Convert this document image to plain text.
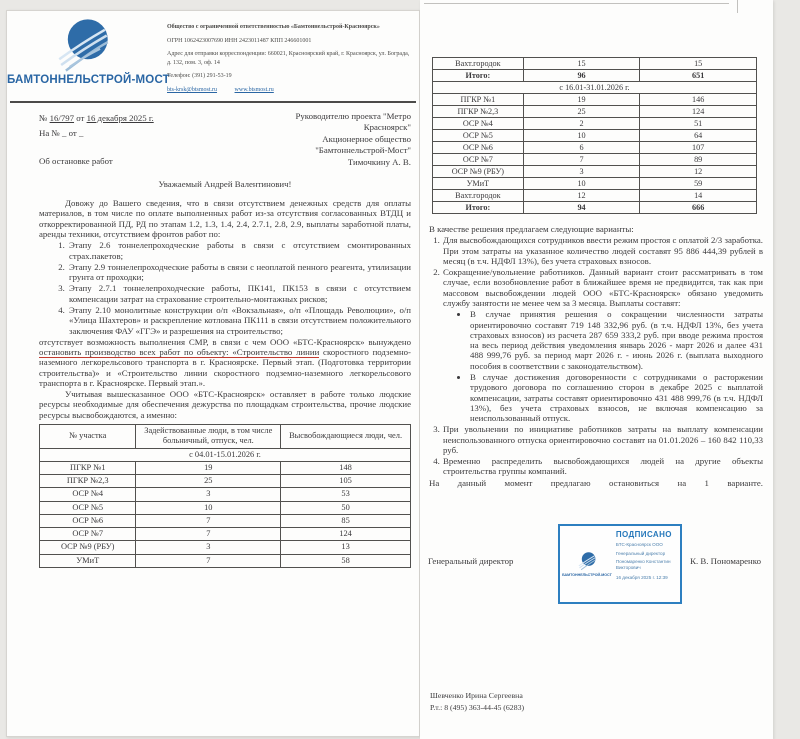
БАМТОННЕЛЬСТРОЙ-МОСТ
Общество с ограниченной ответственностью «Бамтоннельстрой-Красноярск»
ОГРН 1062423007690 ИНН 2423011487 КПП 246601001
Адрес для отправки корреспонденции: 660021, Красноярский край, г. Красноярск, ул. Бограда, д. 132, пом. 3, оф. 14
Телефон: (391) 291-53-19
bts-krsk@btsmost.ru	www.btsmost.ru
№ 16/797 от 16 декабря 2025 г.
На № _ от _
Об остановке работ
Руководителю проекта "Метро
Красноярск"
Акционерное общество
"Бамтоннельстрой-Мост"
Тимочкину А. В.
Уважаемый Андрей Валентинович!

Довожу до Вашего сведения, что в связи отсутствием денежных средств для оплаты материалов, в том числе по оплате выполненных работ из-за отсутствия согласованных ВТДЦ и откорректированной ПД, РД по этапам 1.2, 1.3, 1.4, 2.4, 2.7.1, 2.8, 2.9, выплаты заработной платы, аренды техники, отсутствием фронтов работ по:

1. Этапу 2.6 тоннелепроходческие работы в связи с отсутствием смонтированных страх.пакетов;
2. Этапу 2.9 тоннелепроходческие работы в связи с неоплатой пенного реагента, утилизации грунта от проходки;
3. Этапу 2.7.1 тоннелепроходческие работы, ПК141, ПК153 в связи с отсутствием компенсации затрат на страхование строительно-монтажных рисков;
4. Этапу 2.10 монолитные конструкции о/п «Вокзальная», о/п «Площадь Революции», о/п «Улица Шахтеров» и раскрепление котлована ПК111 в связи отсутствием положительного заключения ФАУ «ГГЭ» и разрешения на строительство;

отсутствует возможность выполнения СМР, в связи с чем ООО «БТС-Красноярск» вынуждено остановить производство всех работ по объекту: «Строительство линии скоростного подземно-наземного легкорельсового транспорта в г. Красноярске. Первый этап. (Подготовка территории строительства)» и «Строительство линии скоростного подземно-наземного легкорельсового транспорта в г. Красноярске. Первый этап.».

Учитывая вышесказанное ООО «БТС-Красноярск» оставляет в работе только людские ресурсы необходимые для обеспечения дежурства по площадкам строительства, прочие людские ресурсы высвобождаются, а именно:

№ участка	Задействованные люди, в том числе больничный, отпуск, чел.	Высвобождающиеся люди, чел.
с 04.01-15.01.2026 г.		
ПГКР №1	19	148
ПГКР №2,3	25	105
ОСР №4	3	53
ОСР №5	10	50
ОСР №6	7	85
ОСР №7	7	124
ОСР №9 (РБУ)	3	13
УМиТ	7	58
Вахт.городок	15	15
Итого:	96	651
с 16.01-31.01.2026 г.		
ПГКР №1	19	146
ПГКР №2,3	25	124
ОСР №4	2	51
ОСР №5	10	64
ОСР №6	6	107
ОСР №7	7	89
ОСР №9 (РБУ)	3	12
УМиТ	10	59
Вахт.городок	12	14
Итого:	94	666
В качестве решения предлагаем следующие варианты:
1. Для высвобождающихся сотрудников ввести режим простоя с оплатой 2/3 заработка. При этом затраты на указанное количество людей составят 95 886 444,39 рублей в месяц (в т.ч. НДФЛ 13%), без учета страховых взносов.
2. Сокращение/увольнение работников. Данный вариант стоит рассматривать в том случае, если возобновление работ в ближайшее время не предвидится, так как при массовом высвобождении людей ООО «БТС-Красноярск» обязано уведомить службу занятости не менее чем за 3 месяца. Выплаты составят:
• В случае принятия решения о сокращении численности затраты ориентировочно составят 719 148 332,96 руб. (в т.ч. НДФЛ 13%, без учета страховых взносов) из расчета 287 659 333,2 руб. при вводе режима простоя на весь период действия уведомления январь 2026 - март 2026 и далее 431 488 999,76 руб. за период март 2026 г. - июнь 2026 г. (выплата выходного пособия в соответствии с законодательством).
• В случае достижения договоренности с сотрудниками о расторжении трудового договора по соглашению сторон в декабре 2025 с выплатой компенсации, затраты составят ориентировочно 431 488 999,76 (в т.ч. НДФЛ 13%), без учета страховых взносов, не включая компенсацию за неиспользованный отпуск.
3. При увольнении по инициативе работников затраты на выплату компенсации неиспользованного отпуска ориентировочно составят на 01.01.2026 – 160 842 110,33 руб.
4. Временно распределить высвобождающихся людей на другие объекты строительства группы компаний.

На данный момент предлагаю остановиться на 1 варианте.

Генеральный директор	К. В. Пономаренко
БАМТОННЕЛЬСТРОЙ-МОСТ
ПОДПИСАНО
БТС-Красноярск ООО
Генеральный директор
Пономаренко Константин Викторович
16 декабря 2025 г. 12:39
Шевченко Ирина Сергеевна
Р.т.: 8 (495) 363-44-45 (6283)
